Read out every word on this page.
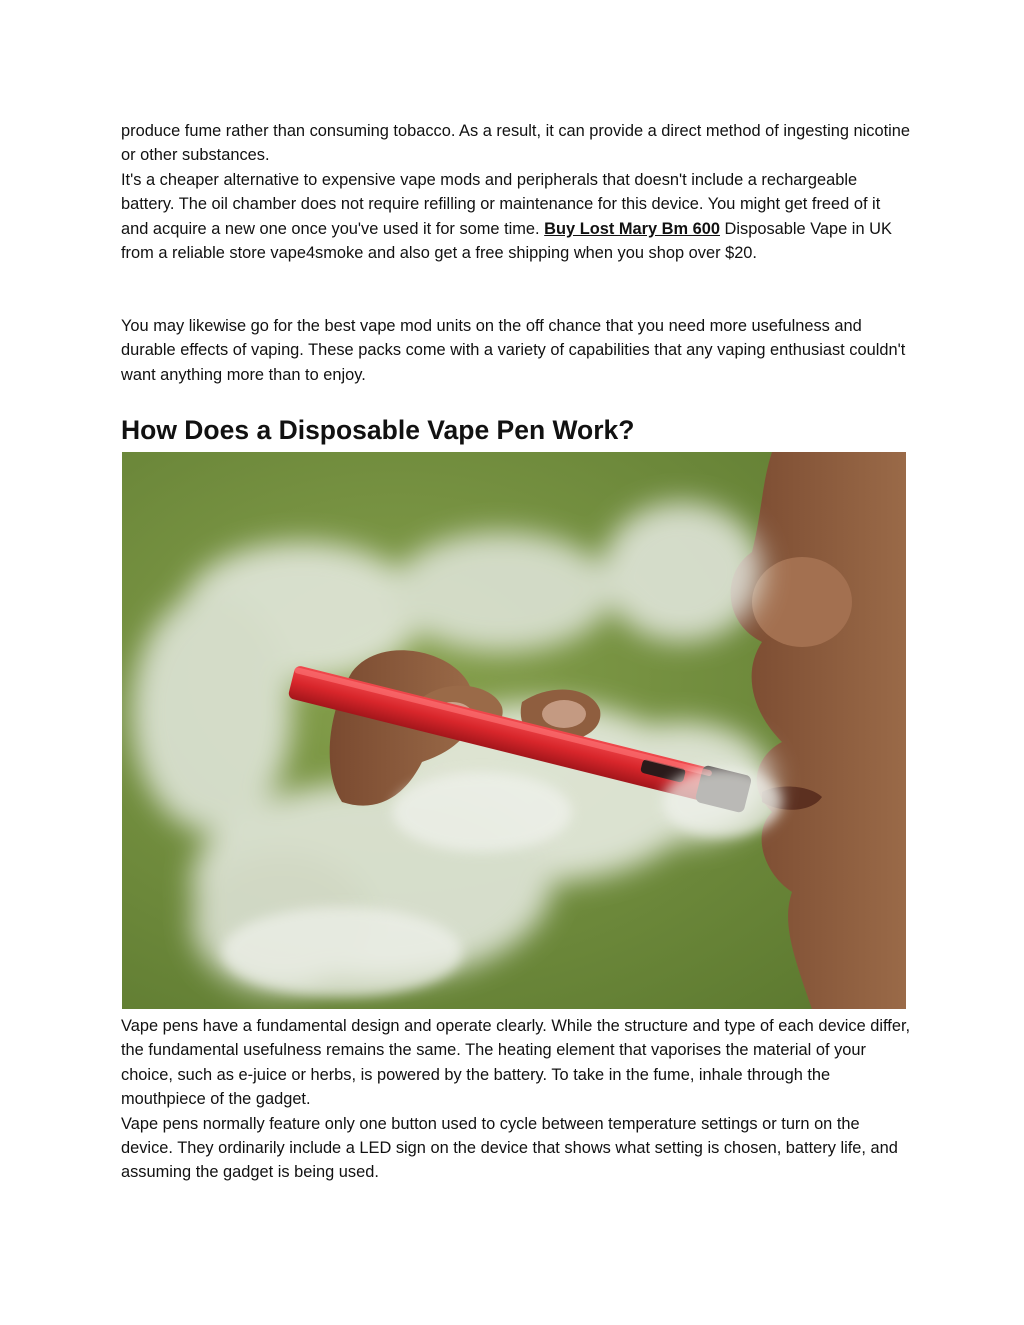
produce fume rather than consuming tobacco. As a result, it can provide a direct method of ingesting nicotine or other substances.
It's a cheaper alternative to expensive vape mods and peripherals that doesn't include a rechargeable battery. The oil chamber does not require refilling or maintenance for this device. You might get freed of it and acquire a new one once you've used it for some time. Buy Lost Mary Bm 600 Disposable Vape in UK from a reliable store vape4smoke and also get a free shipping when you shop over $20.

You may likewise go for the best vape mod units on the off chance that you need more usefulness and durable effects of vaping. These packs come with a variety of capabilities that any vaping enthusiast couldn't want anything more than to enjoy.

How Does a Disposable Vape Pen Work?

Vape pens have a fundamental design and operate clearly. While the structure and type of each device differ, the fundamental usefulness remains the same. The heating element that vaporises the material of your choice, such as e-juice or herbs, is powered by the battery. To take in the fume, inhale through the mouthpiece of the gadget.
Vape pens normally feature only one button used to cycle between temperature settings or turn on the device. They ordinarily include a LED sign on the device that shows what setting is chosen, battery life, and assuming the gadget is being used.
